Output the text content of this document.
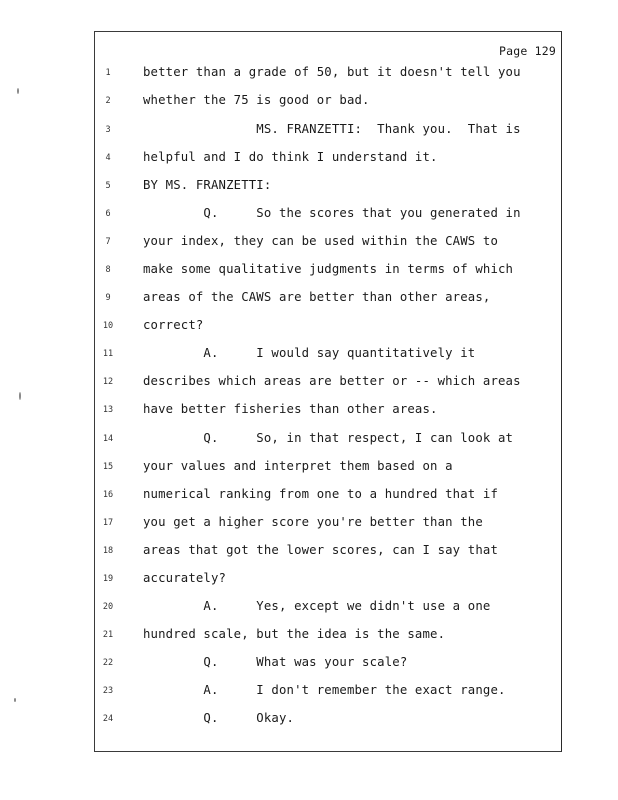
Page 129
1	better than a grade of 50, but it doesn't tell you
2	whether the 75 is good or bad.
3	MS. FRANZETTI:  Thank you.  That is
4	helpful and I do think I understand it.
5	BY MS. FRANZETTI:
6	Q.     So the scores that you generated in
7	your index, they can be used within the CAWS to
8	make some qualitative judgments in terms of which
9	areas of the CAWS are better than other areas,
10	correct?
11	A.     I would say quantitatively it
12	describes which areas are better or -- which areas
13	have better fisheries than other areas.
14	Q.     So, in that respect, I can look at
15	your values and interpret them based on a
16	numerical ranking from one to a hundred that if
17	you get a higher score you're better than the
18	areas that got the lower scores, can I say that
19	accurately?
20	A.     Yes, except we didn't use a one
21	hundred scale, but the idea is the same.
22	Q.     What was your scale?
23	A.     I don't remember the exact range.
24	Q.     Okay.
